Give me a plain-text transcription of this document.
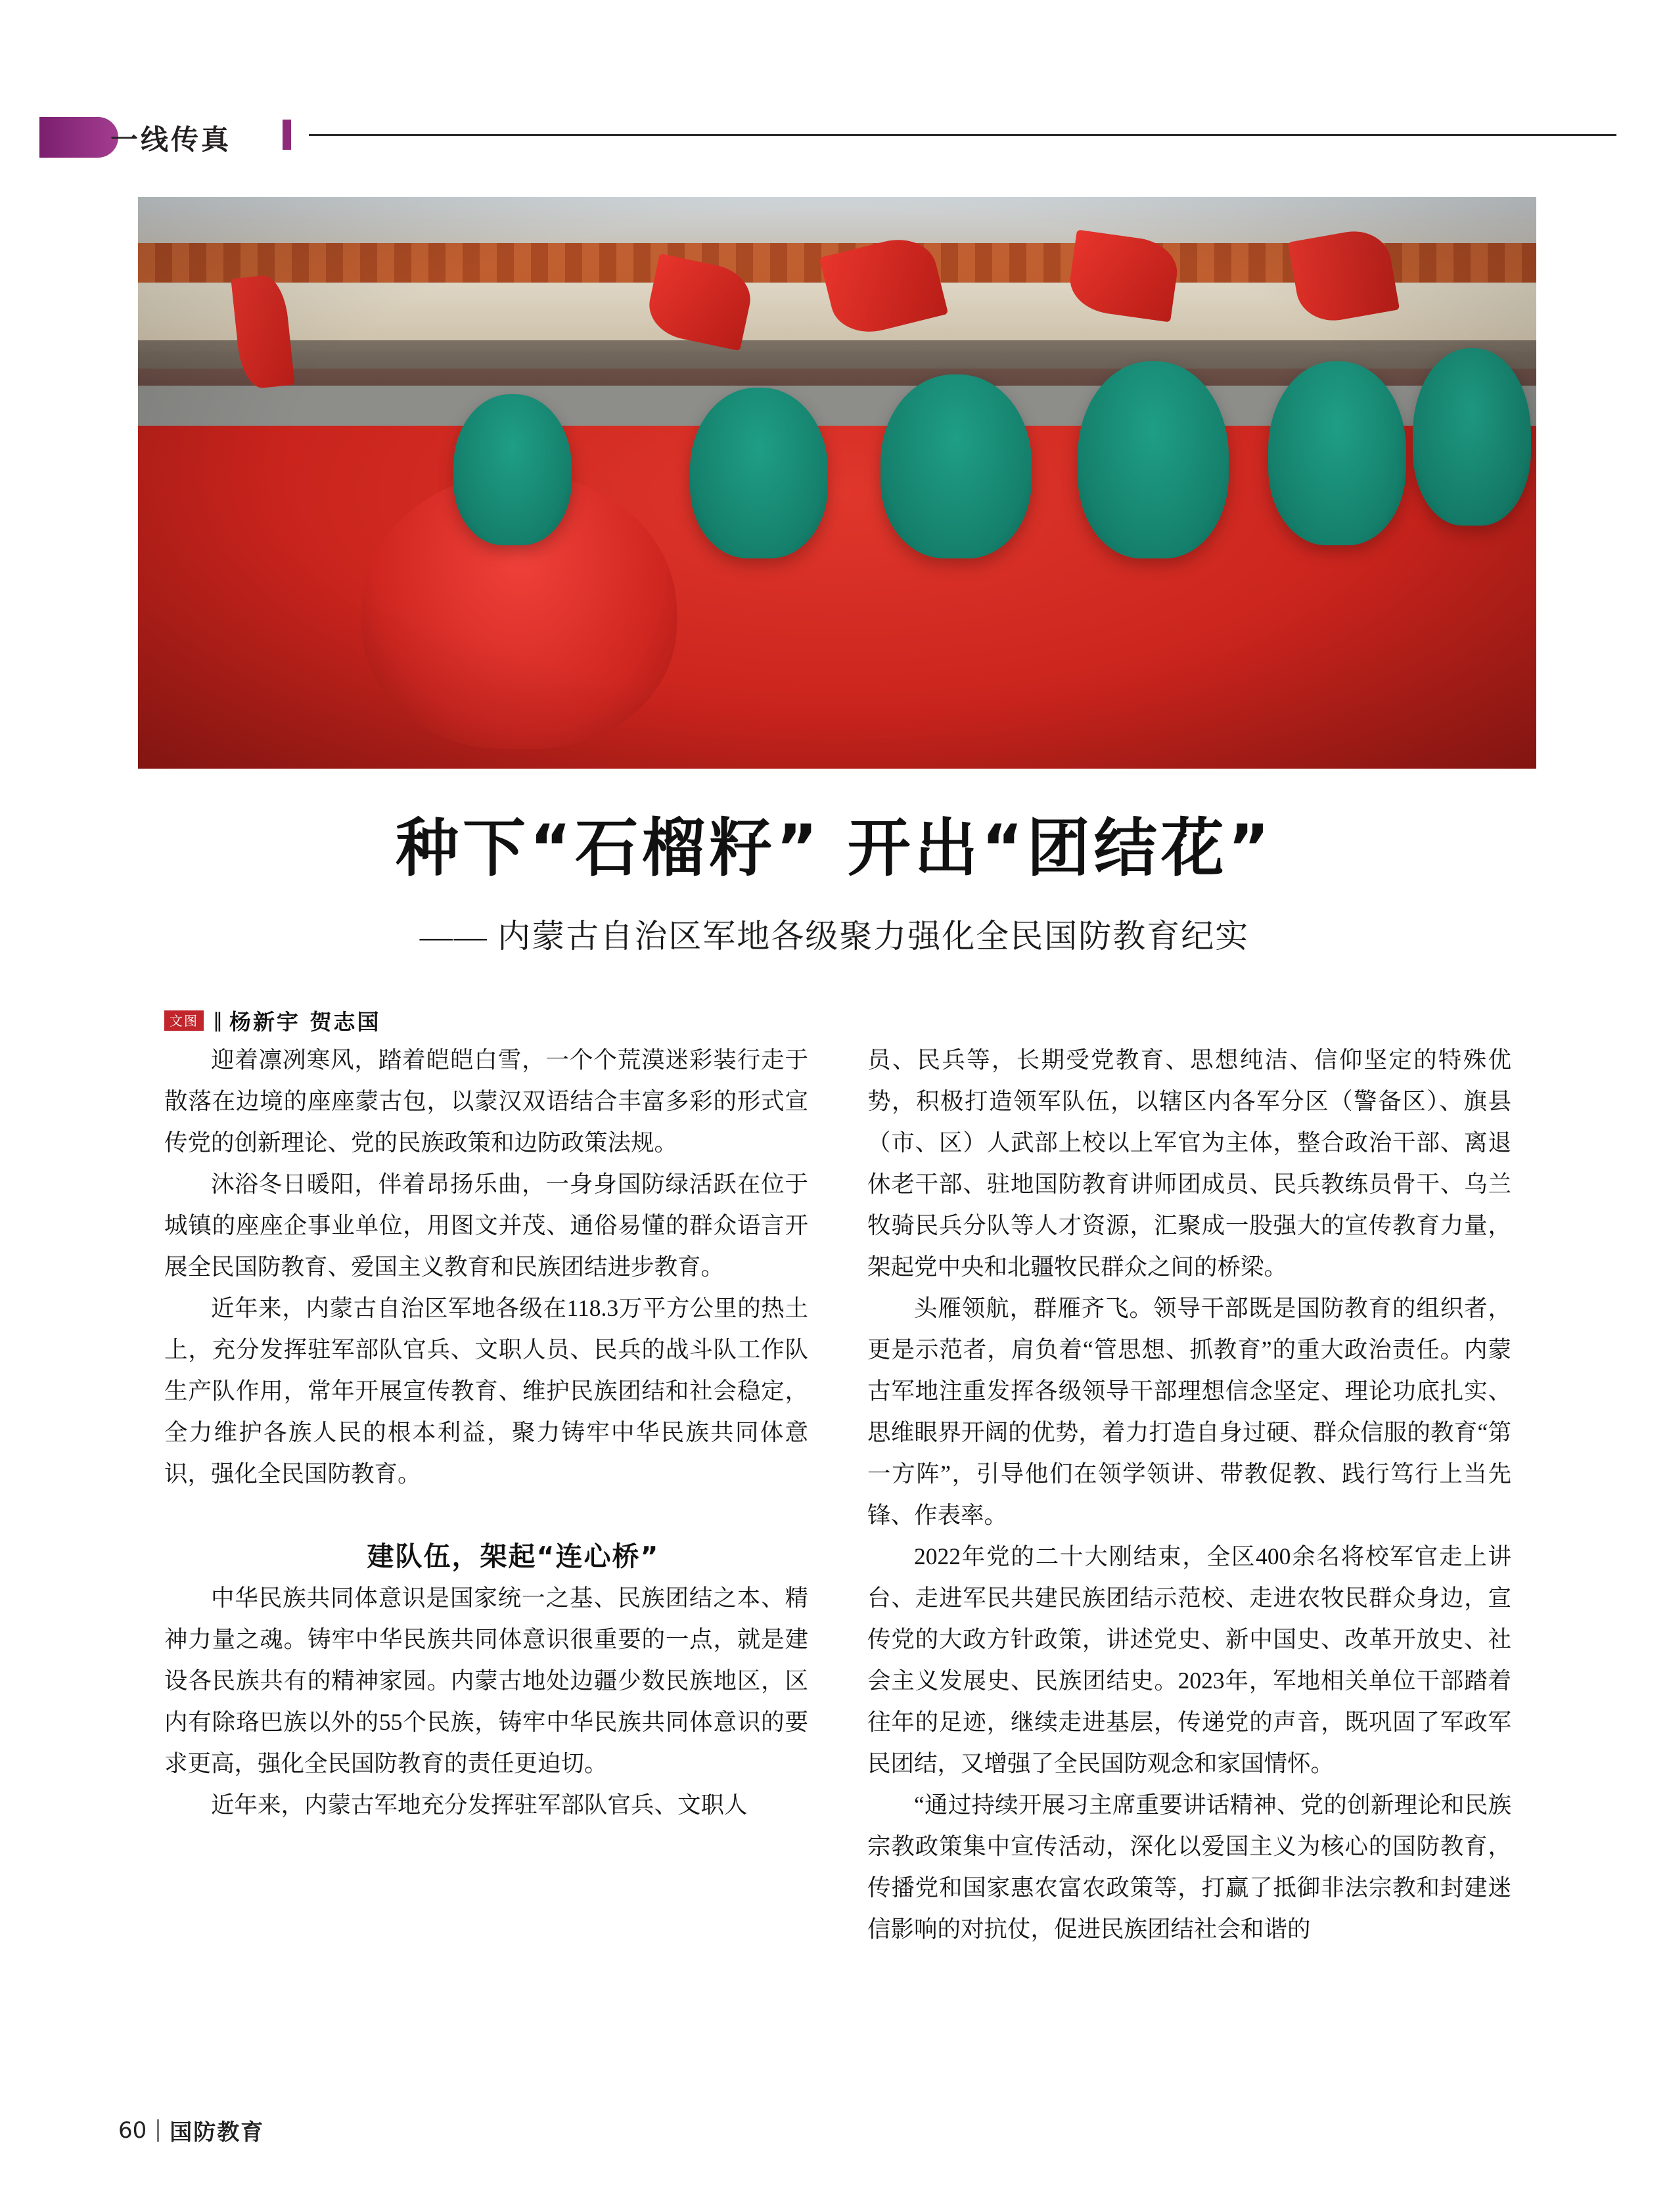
一线传真
种下“石榴籽” 开出“团结花”
—— 内蒙古自治区军地各级聚力强化全民国防教育纪实
文图 ‖ 杨新宇 贺志国

迎着凛冽寒风，踏着皑皑白雪，一个个荒漠迷彩装行走于散落在边境的座座蒙古包，以蒙汉双语结合丰富多彩的形式宣传党的创新理论、党的民族政策和边防政策法规。

沐浴冬日暖阳，伴着昂扬乐曲，一身身国防绿活跃在位于城镇的座座企事业单位，用图文并茂、通俗易懂的群众语言开展全民国防教育、爱国主义教育和民族团结进步教育。

近年来，内蒙古自治区军地各级在118.3万平方公里的热土上，充分发挥驻军部队官兵、文职人员、民兵的战斗队工作队生产队作用，常年开展宣传教育、维护民族团结和社会稳定，全力维护各族人民的根本利益，聚力铸牢中华民族共同体意识，强化全民国防教育。

建队伍，架起“连心桥”

中华民族共同体意识是国家统一之基、民族团结之本、精神力量之魂。铸牢中华民族共同体意识很重要的一点，就是建设各民族共有的精神家园。内蒙古地处边疆少数民族地区，区内有除珞巴族以外的55个民族，铸牢中华民族共同体意识的要求更高，强化全民国防教育的责任更迫切。

近年来，内蒙古军地充分发挥驻军部队官兵、文职人

员、民兵等，长期受党教育、思想纯洁、信仰坚定的特殊优势，积极打造领军队伍，以辖区内各军分区（警备区）、旗县（市、区）人武部上校以上军官为主体，整合政治干部、离退休老干部、驻地国防教育讲师团成员、民兵教练员骨干、乌兰牧骑民兵分队等人才资源，汇聚成一股强大的宣传教育力量，架起党中央和北疆牧民群众之间的桥梁。

头雁领航，群雁齐飞。领导干部既是国防教育的组织者，更是示范者，肩负着“管思想、抓教育”的重大政治责任。内蒙古军地注重发挥各级领导干部理想信念坚定、理论功底扎实、思维眼界开阔的优势，着力打造自身过硬、群众信服的教育“第一方阵”，引导他们在领学领讲、带教促教、践行笃行上当先锋、作表率。

2022年党的二十大刚结束，全区400余名将校军官走上讲台、走进军民共建民族团结示范校、走进农牧民群众身边，宣传党的大政方针政策，讲述党史、新中国史、改革开放史、社会主义发展史、民族团结史。2023年，军地相关单位干部踏着往年的足迹，继续走进基层，传递党的声音，既巩固了军政军民团结，又增强了全民国防观念和家国情怀。

“通过持续开展习主席重要讲话精神、党的创新理论和民族宗教政策集中宣传活动，深化以爱国主义为核心的国防教育，传播党和国家惠农富农政策等，打赢了抵御非法宗教和封建迷信影响的对抗仗，促进民族团结社会和谐的

60 国防教育
